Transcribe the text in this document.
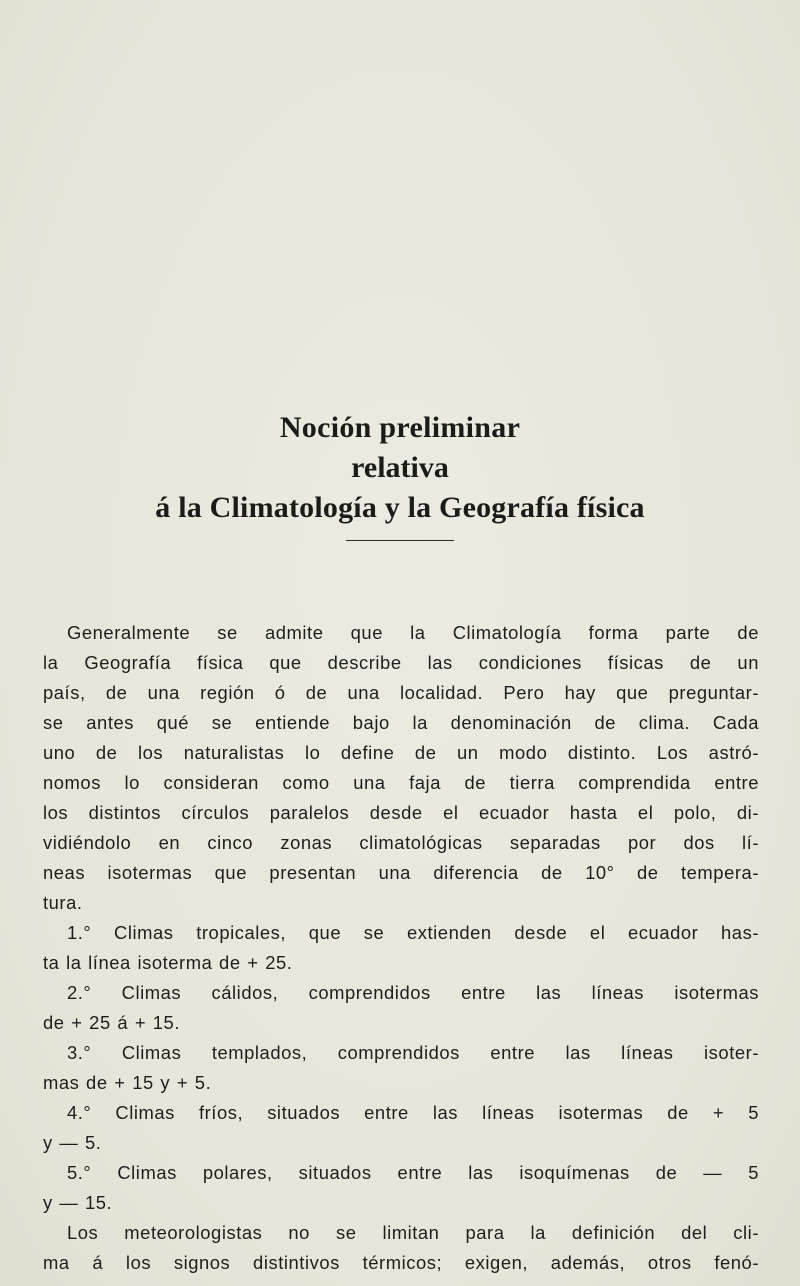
Noción preliminar
relativa
á la Climatología y la Geografía física
Generalmente se admite que la Climatología forma parte de
la Geografía física que describe las condiciones físicas de un
país, de una región ó de una localidad. Pero hay que preguntar-
se antes qué se entiende bajo la denominación de clima. Cada
uno de los naturalistas lo define de un modo distinto. Los astró-
nomos lo consideran como una faja de tierra comprendida entre
los distintos círculos paralelos desde el ecuador hasta el polo, di-
vidiéndolo en cinco zonas climatológicas separadas por dos lí-
neas isotermas que presentan una diferencia de 10° de tempera-
tura.
1.° Climas tropicales, que se extienden desde el ecuador has-
ta la línea isoterma de + 25.
2.° Climas cálidos, comprendidos entre las líneas isotermas
de + 25 á + 15.
3.° Climas templados, comprendidos entre las líneas isoter-
mas de + 15 y + 5.
4.° Climas fríos, situados entre las líneas isotermas de + 5
y — 5.
5.° Climas polares, situados entre las isoquímenas de — 5
y — 15.
Los meteorologistas no se limitan para la definición del cli-
ma á los signos distintivos térmicos; exigen, además, otros fenó-
